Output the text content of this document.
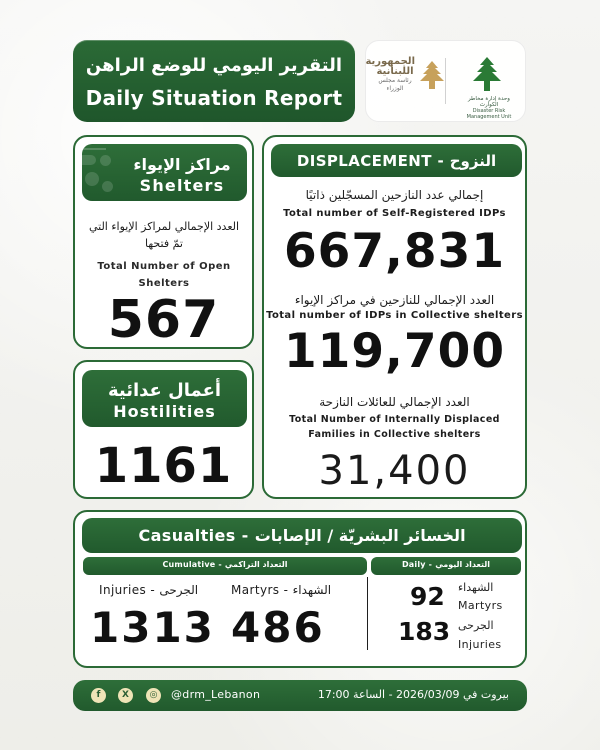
التقرير اليومي للوضع الراهن
Daily Situation Report
الجمهورية اللبنانية
رئاسة مجلس الوزراء
وحدة إدارة مخاطر الكوارث
Disaster Risk Management Unit
مراكز الإيواء
Shelters
العدد الإجمالي لمراكز الإيواء التي تمّ فتحها
Total Number of Open Shelters
567
أعمال عدائية
Hostilities
1161
DISPLACEMENT - النزوح
إجمالي عدد النازحين المسجّلين ذاتيًا
Total number of Self-Registered IDPs
667,831
العدد الإجمالي للنازحين في مراكز الإيواء
Total number of IDPs in Collective shelters
119,700
العدد الإجمالي للعائلات النازحة
Total Number of Internally Displaced Families in Collective shelters
31,400
Casualties - الخسائر البشريّة / الإصابات
Cumulative - التعداد التراكمي	Daily - التعداد اليومي
Injuries - الجرحى	Martyrs - الشهداء
1313 486
92 الشهداء
Martyrs
183 الجرحى
Injuries
f	X	◎	@drm_Lebanon	بيروت في 2026/03/09 - الساعة 17:00
